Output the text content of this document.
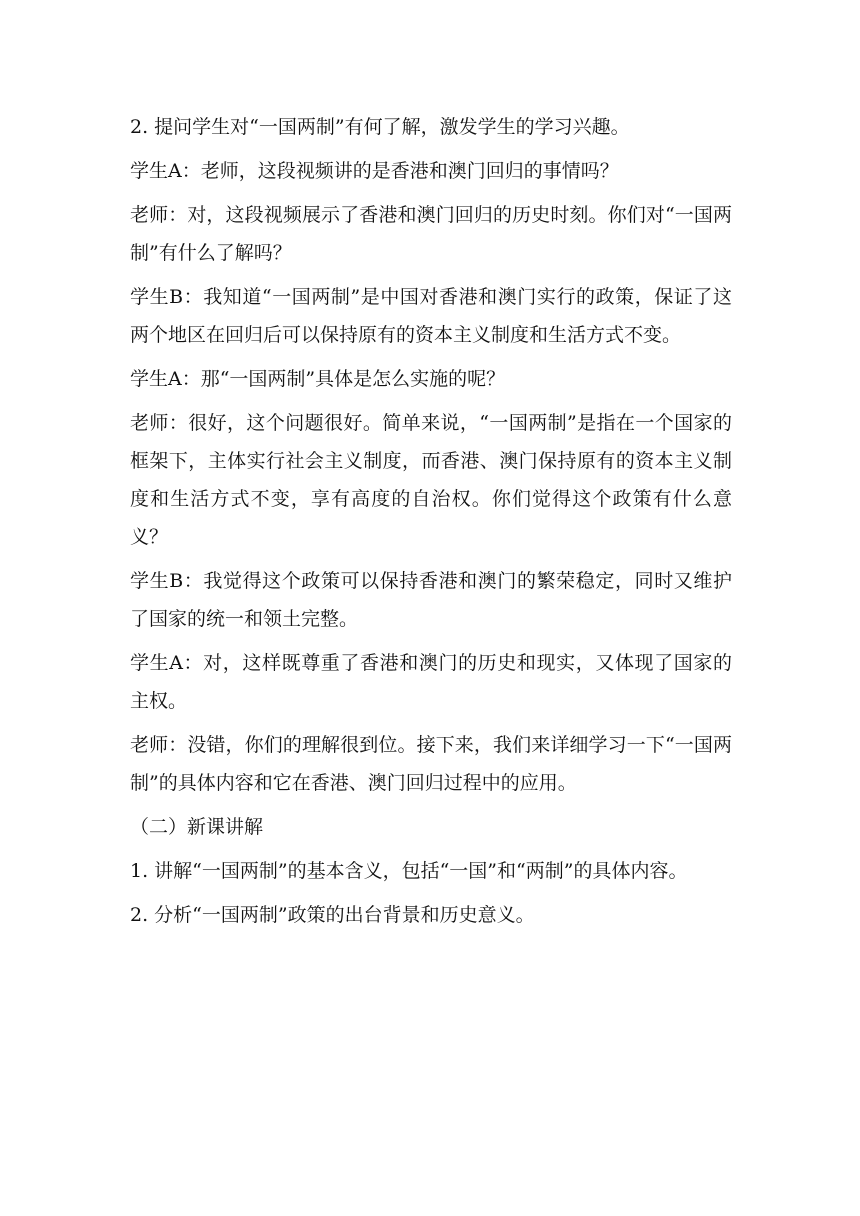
2. 提问学生对“一国两制”有何了解，激发学生的学习兴趣。

学生A：老师，这段视频讲的是香港和澳门回归的事情吗？

老师：对，这段视频展示了香港和澳门回归的历史时刻。你们对“一国两制”有什么了解吗？

学生B：我知道“一国两制”是中国对香港和澳门实行的政策，保证了这两个地区在回归后可以保持原有的资本主义制度和生活方式不变。

学生A：那“一国两制”具体是怎么实施的呢？

老师：很好，这个问题很好。简单来说，“一国两制”是指在一个国家的框架下，主体实行社会主义制度，而香港、澳门保持原有的资本主义制度和生活方式不变，享有高度的自治权。你们觉得这个政策有什么意义？

学生B：我觉得这个政策可以保持香港和澳门的繁荣稳定，同时又维护了国家的统一和领土完整。

学生A：对，这样既尊重了香港和澳门的历史和现实，又体现了国家的主权。

老师：没错，你们的理解很到位。接下来，我们来详细学习一下“一国两制”的具体内容和它在香港、澳门回归过程中的应用。

（二）新课讲解

1. 讲解“一国两制”的基本含义，包括“一国”和“两制”的具体内容。

2. 分析“一国两制”政策的出台背景和历史意义。
